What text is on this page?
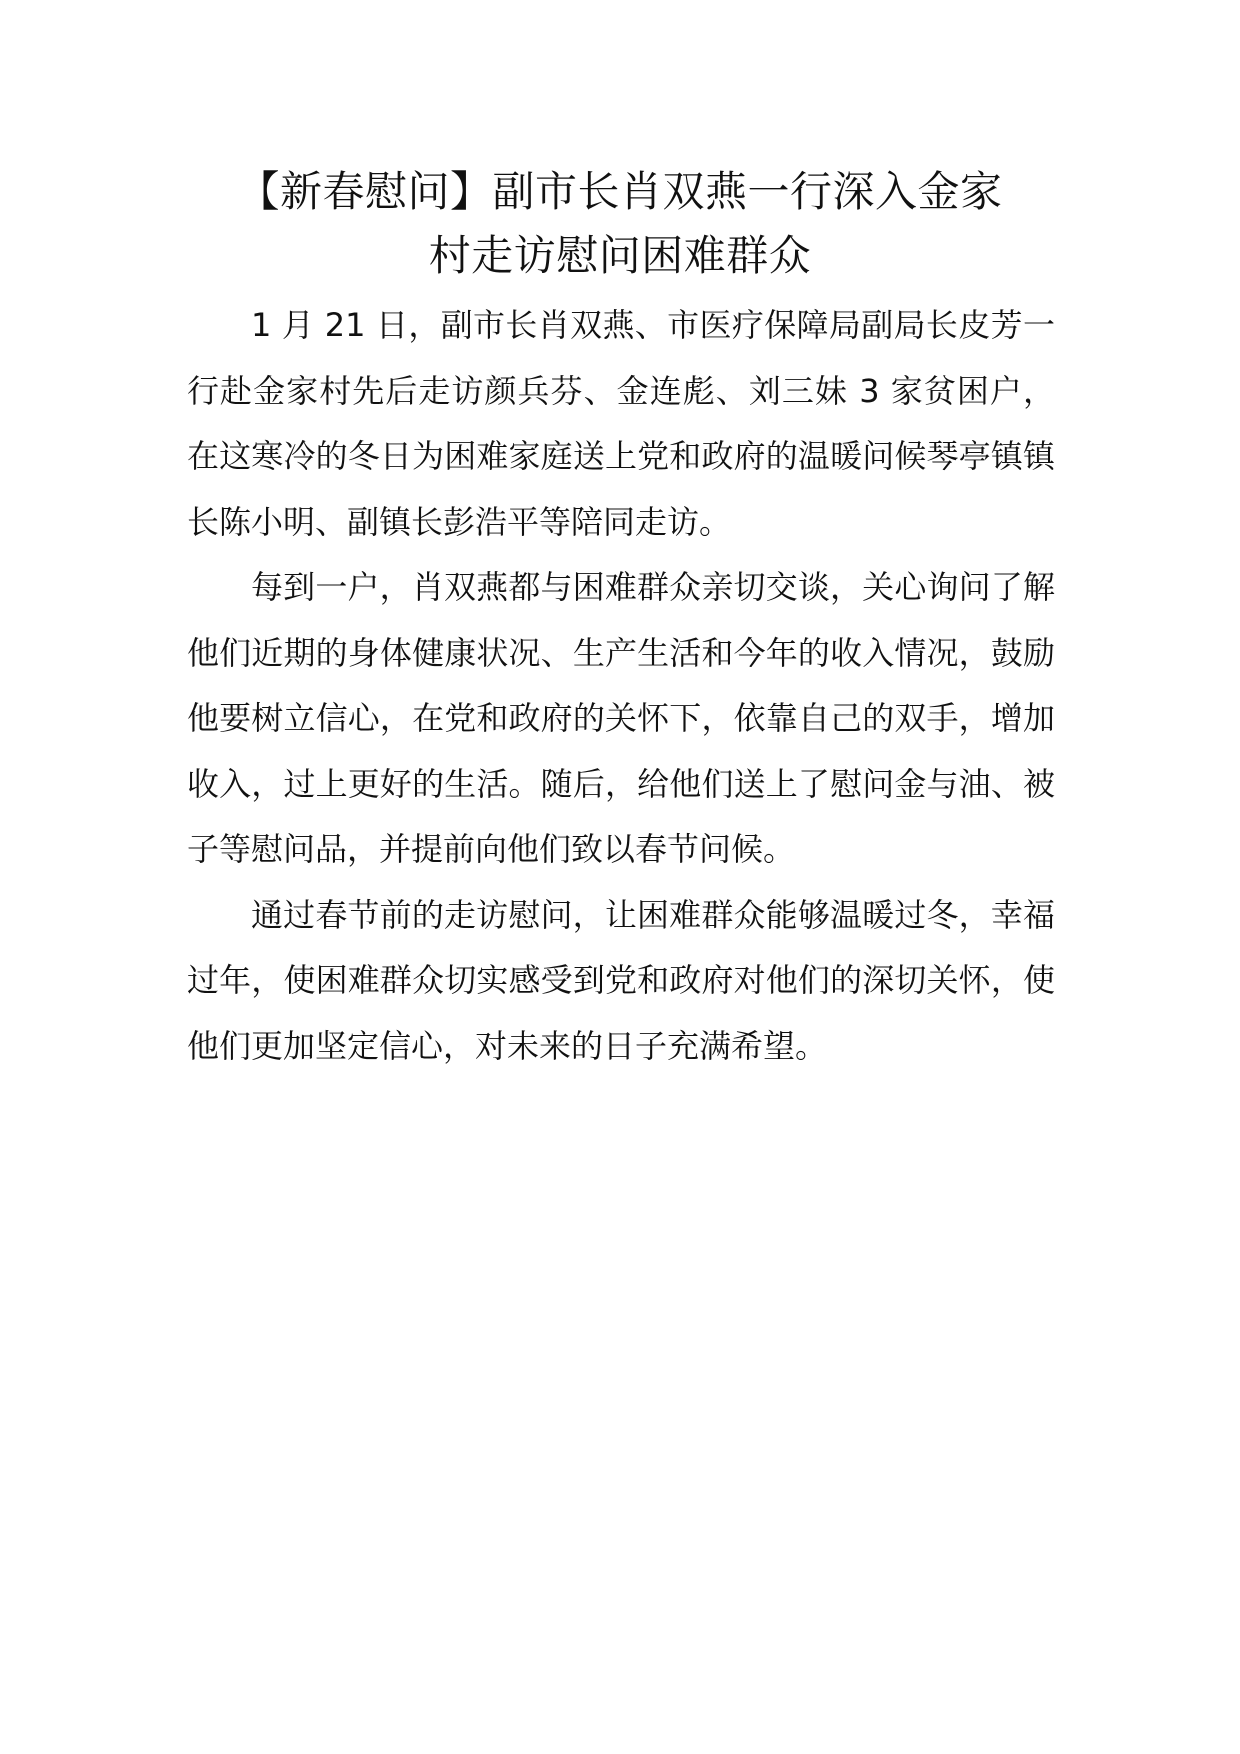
【新春慰问】副市长肖双燕一行深入金家
村走访慰问困难群众

1 月 21 日，副市长肖双燕、市医疗保障局副局长皮芳一行赴金家村先后走访颜兵芬、金连彪、刘三妹 3 家贫困户，在这寒冷的冬日为困难家庭送上党和政府的温暖问候琴亭镇镇长陈小明、副镇长彭浩平等陪同走访。

每到一户，肖双燕都与困难群众亲切交谈，关心询问了解他们近期的身体健康状况、生产生活和今年的收入情况，鼓励他要树立信心，在党和政府的关怀下，依靠自己的双手，增加收入，过上更好的生活。随后，给他们送上了慰问金与油、被子等慰问品，并提前向他们致以春节问候。

通过春节前的走访慰问，让困难群众能够温暖过冬，幸福过年，使困难群众切实感受到党和政府对他们的深切关怀，使他们更加坚定信心，对未来的日子充满希望。
